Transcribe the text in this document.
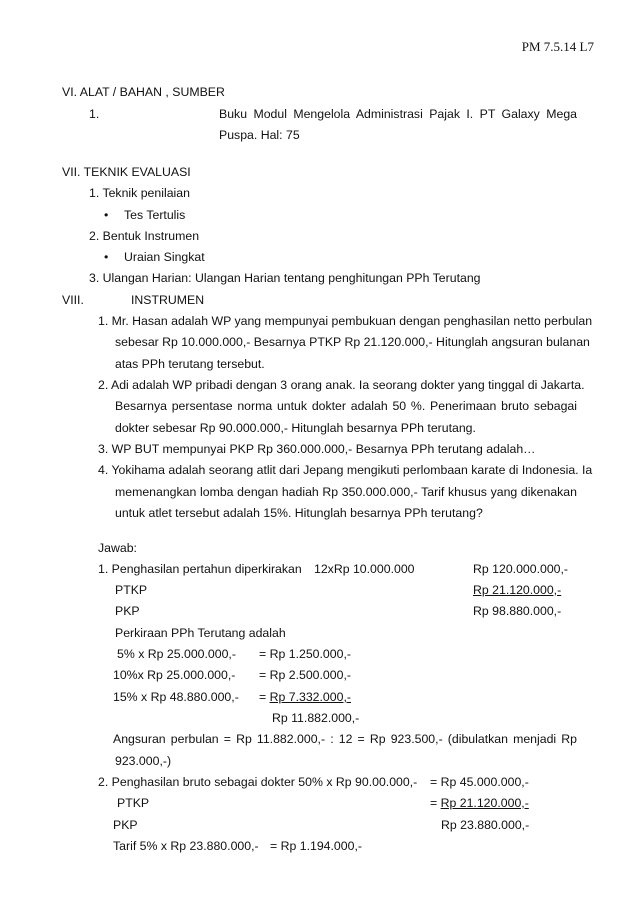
PM 7.5.14 L7
VI. ALAT / BAHAN , SUMBER
1.	Buku Modul Mengelola Administrasi Pajak I. PT Galaxy Mega
Puspa. Hal: 75
VII. TEKNIK EVALUASI
1. Teknik penilaian
• Tes Tertulis
2. Bentuk Instrumen
• Uraian Singkat
3. Ulangan Harian: Ulangan Harian tentang penghitungan PPh Terutang
VIII.	INSTRUMEN
1. Mr. Hasan adalah WP yang mempunyai pembukuan dengan penghasilan netto perbulan
sebesar Rp 10.000.000,- Besarnya PTKP Rp 21.120.000,- Hitunglah angsuran bulanan
atas PPh terutang tersebut.
2. Adi adalah WP pribadi dengan 3 orang anak. Ia seorang dokter yang tinggal di Jakarta.
Besarnya persentase norma untuk dokter adalah 50 %. Penerimaan bruto sebagai
dokter sebesar Rp 90.000.000,- Hitunglah besarnya PPh terutang.
3. WP BUT mempunyai PKP Rp 360.000.000,- Besarnya PPh terutang adalah…
4. Yokihama adalah seorang atlit dari Jepang mengikuti perlombaan karate di Indonesia. Ia
memenangkan lomba dengan hadiah Rp 350.000.000,- Tarif khusus yang dikenakan
untuk atlet tersebut adalah 15%. Hitunglah besarnya PPh terutang?
Jawab:
1. Penghasilan pertahun diperkirakan 12xRp 10.000.000	Rp 120.000.000,-
PTKP	Rp 21.120.000,-
PKP	Rp 98.880.000,-
Perkiraan PPh Terutang adalah
5% x Rp 25.000.000,- = Rp 1.250.000,-
10%x Rp 25.000.000,- = Rp 2.500.000,-
15% x Rp 48.880.000,- = Rp 7.332.000,-
Rp 11.882.000,-
Angsuran perbulan = Rp 11.882.000,- : 12 = Rp 923.500,- (dibulatkan menjadi Rp
923.000,-)
2. Penghasilan bruto sebagai dokter 50% x Rp 90.00.000,- = Rp 45.000.000,-
PTKP	= Rp 21.120.000,-
PKP	Rp 23.880.000,-
Tarif 5% x Rp 23.880.000,- = Rp 1.194.000,-
